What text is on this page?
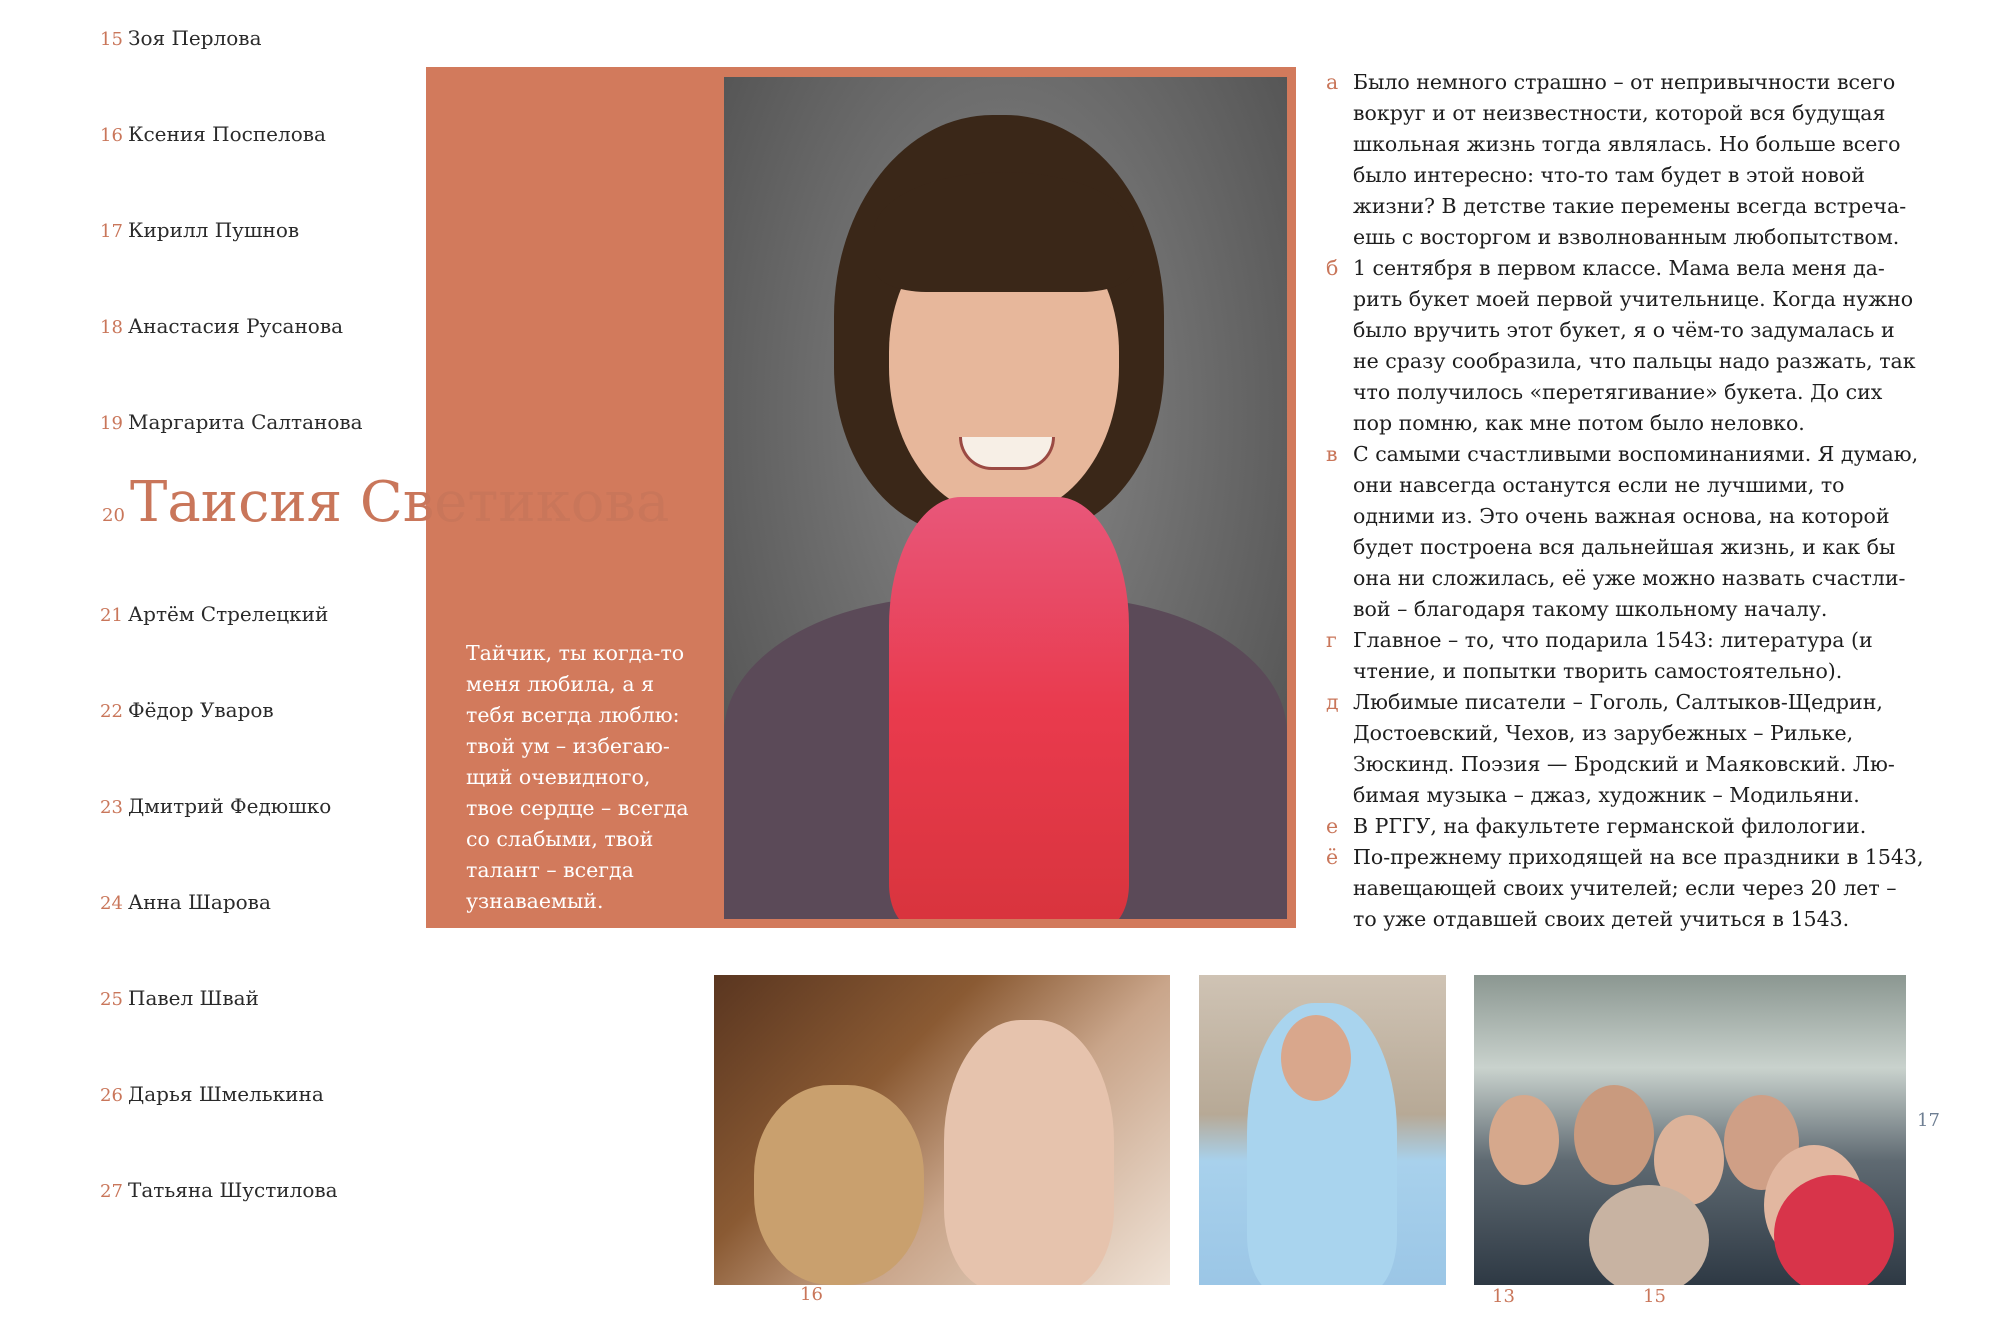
15 Зоя Перлова
16 Ксения Поспелова
17 Кирилл Пушнов
18 Анастасия Русанова
19 Маргарита Салтанова
21 Артём Стрелецкий
22 Фёдор Уваров
23 Дмитрий Федюшко
24 Анна Шарова
25 Павел Швай
26 Дарья Шмелькина
27 Татьяна Шустилова
20Таисия Светикова
Тайчик, ты когда-то меня любила, а я тебя всегда люблю: твой ум – избегающий очевидного, твое сердце – всегда со слабыми, твой талант – всегда узнаваемый.
а Было немного страшно – от непривычности всего вокруг и от неизвестности, которой вся будущая школьная жизнь тогда являлась. Но больше всего было интересно: что-то там будет в этой новой жизни? В детстве такие перемены всегда встречаешь с восторгом и взволнованным любопытством.
б 1 сентября в первом классе. Мама вела меня дарить букет моей первой учительнице. Когда нужно было вручить этот букет, я о чём-то задумалась и не сразу сообразила, что пальцы надо разжать, так что получилось «перетягивание» букета. До сих пор помню, как мне потом было неловко.
в С самыми счастливыми воспоминаниями. Я думаю, они навсегда останутся если не лучшими, то одними из. Это очень важная основа, на которой будет построена вся дальнейшая жизнь, и как бы она ни сложилась, её уже можно назвать счастливой – благодаря такому школьному началу.
г Главное – то, что подарила 1543: литература (и чтение, и попытки творить самостоятельно).
д Любимые писатели – Гоголь, Салтыков-Щедрин, Достоевский, Чехов, из зарубежных – Рильке, Зюскинд. Поэзия — Бродский и Маяковский. Любимая музыка – джаз, художник – Модильяни.
е В РГГУ, на факультете германской филологии.
ё По-прежнему приходящей на все праздники в 1543, навещающей своих учителей; если через 20 лет – то уже отдавшей своих детей учиться в 1543.
16	13	15
17
